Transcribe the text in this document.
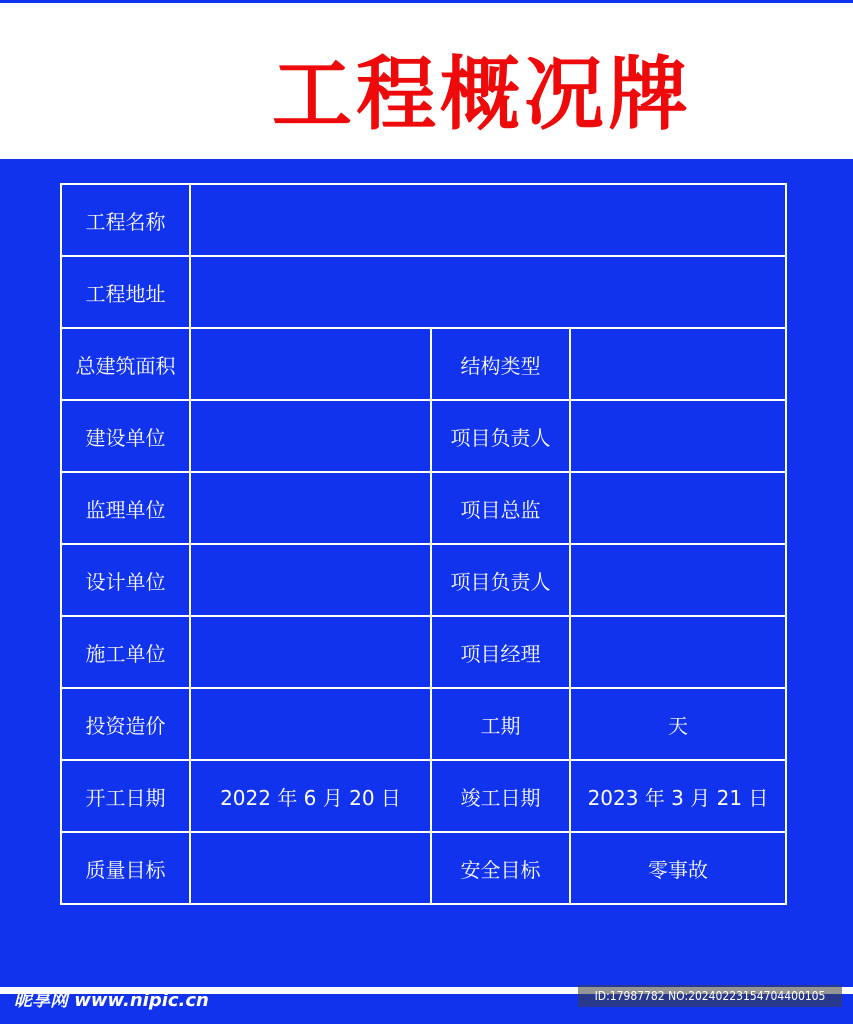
工程概况牌
工程名称			
工程地址			
总建筑面积		结构类型	
建设单位		项目负责人	
监理单位		项目总监	
设计单位		项目负责人	
施工单位		项目经理	
投资造价		工期	天
开工日期	2022 年 6 月 20 日	竣工日期	2023 年 3 月 21 日
质量目标		安全目标	零事故
昵享网 www.nipic.cn	ID:17987782 NO:20240223154704400105
